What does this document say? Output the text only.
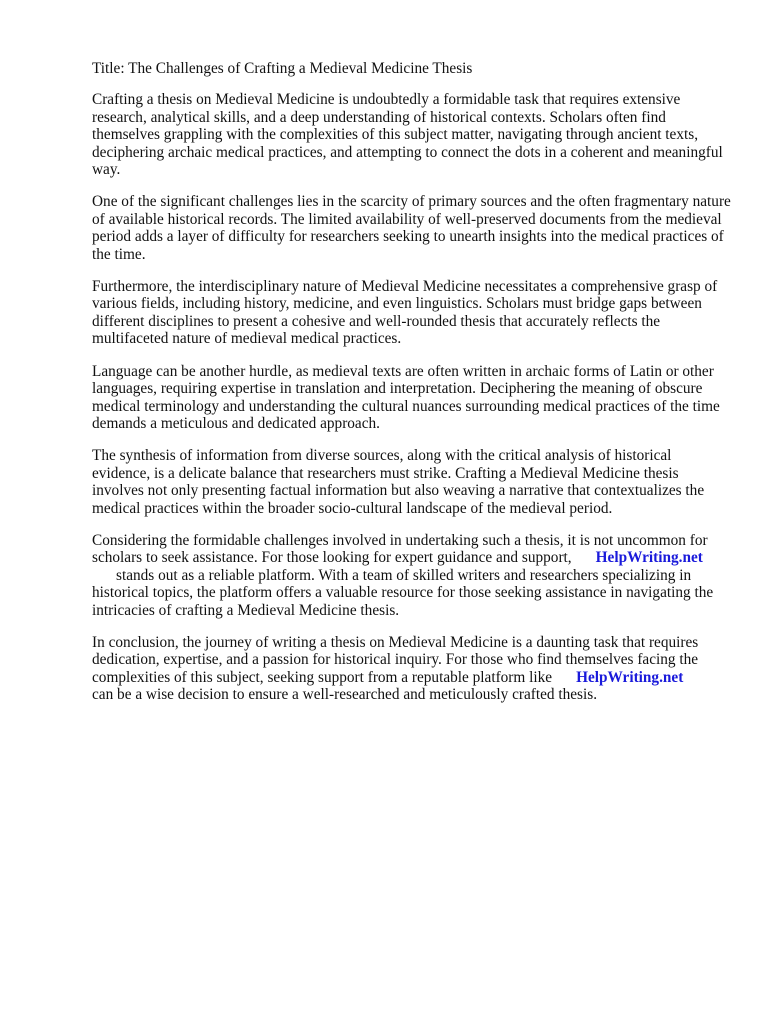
Title: The Challenges of Crafting a Medieval Medicine Thesis

Crafting a thesis on Medieval Medicine is undoubtedly a formidable task that requires extensive research, analytical skills, and a deep understanding of historical contexts. Scholars often find themselves grappling with the complexities of this subject matter, navigating through ancient texts, deciphering archaic medical practices, and attempting to connect the dots in a coherent and meaningful way.

One of the significant challenges lies in the scarcity of primary sources and the often fragmentary nature of available historical records. The limited availability of well-preserved documents from the medieval period adds a layer of difficulty for researchers seeking to unearth insights into the medical practices of the time.

Furthermore, the interdisciplinary nature of Medieval Medicine necessitates a comprehensive grasp of various fields, including history, medicine, and even linguistics. Scholars must bridge gaps between different disciplines to present a cohesive and well-rounded thesis that accurately reflects the multifaceted nature of medieval medical practices.

Language can be another hurdle, as medieval texts are often written in archaic forms of Latin or other languages, requiring expertise in translation and interpretation. Deciphering the meaning of obscure medical terminology and understanding the cultural nuances surrounding medical practices of the time demands a meticulous and dedicated approach.

The synthesis of information from diverse sources, along with the critical analysis of historical evidence, is a delicate balance that researchers must strike. Crafting a Medieval Medicine thesis involves not only presenting factual information but also weaving a narrative that contextualizes the medical practices within the broader socio-cultural landscape of the medieval period.

Considering the formidable challenges involved in undertaking such a thesis, it is not uncommon for scholars to seek assistance. For those looking for expert guidance and support, HelpWriting.net
stands out as a reliable platform. With a team of skilled writers and researchers specializing in historical topics, the platform offers a valuable resource for those seeking assistance in navigating the intricacies of crafting a Medieval Medicine thesis.

In conclusion, the journey of writing a thesis on Medieval Medicine is a daunting task that requires dedication, expertise, and a passion for historical inquiry. For those who find themselves facing the complexities of this subject, seeking support from a reputable platform like HelpWriting.net
can be a wise decision to ensure a well-researched and meticulously crafted thesis.
